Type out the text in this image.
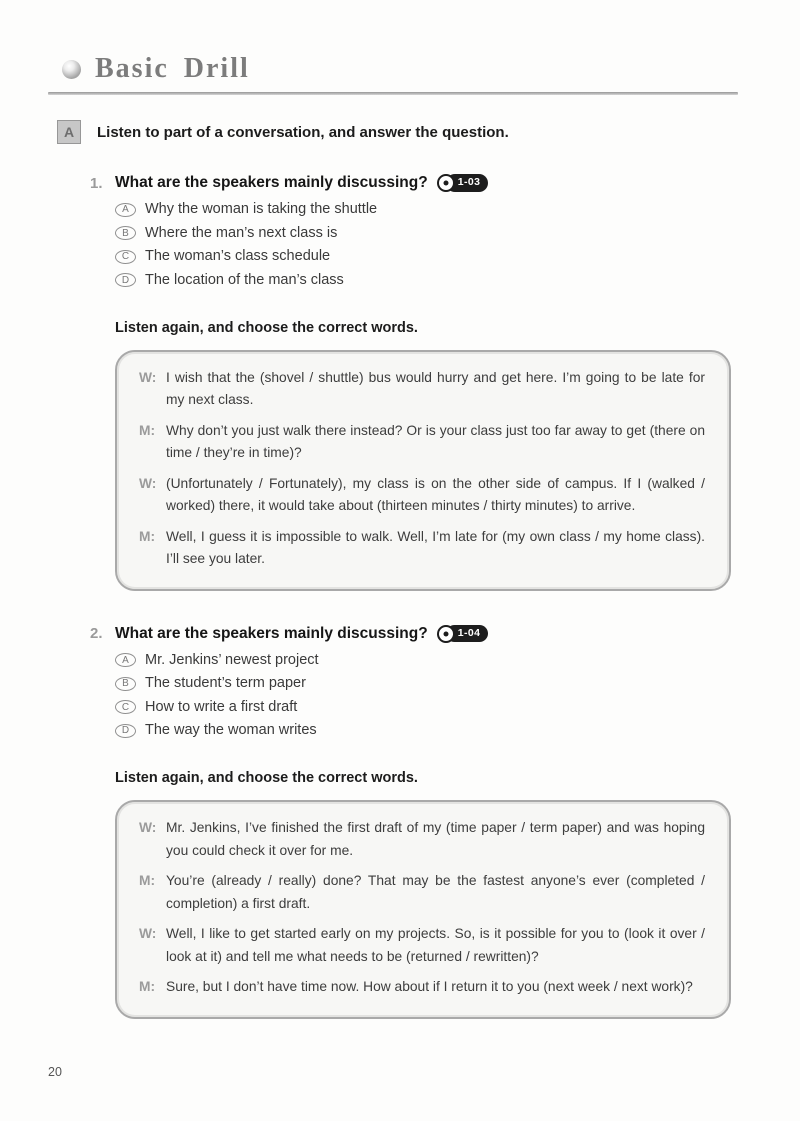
Basic Drill
A	Listen to part of a conversation, and answer the question.
1. What are the speakers mainly discussing?	1-03
A	Why the woman is taking the shuttle
B	Where the man’s next class is
C	The woman’s class schedule
D	The location of the man’s class
Listen again, and choose the correct words.
W: I wish that the (shovel / shuttle) bus would hurry and get here. I’m going to be late for my next class.
M: Why don’t you just walk there instead? Or is your class just too far away to get (there on time / they’re in time)?
W: (Unfortunately / Fortunately), my class is on the other side of campus. If I (walked / worked) there, it would take about (thirteen minutes / thirty minutes) to arrive.
M: Well, I guess it is impossible to walk. Well, I’m late for (my own class / my home class). I’ll see you later.
2. What are the speakers mainly discussing?	1-04
A	Mr. Jenkins’ newest project
B	The student’s term paper
C	How to write a first draft
D	The way the woman writes
Listen again, and choose the correct words.
W: Mr. Jenkins, I’ve finished the first draft of my (time paper / term paper) and was hoping you could check it over for me.
M: You’re (already / really) done? That may be the fastest anyone’s ever (completed / completion) a first draft.
W: Well, I like to get started early on my projects. So, is it possible for you to (look it over / look at it) and tell me what needs to be (returned / rewritten)?
M: Sure, but I don’t have time now. How about if I return it to you (next week / next work)?
20
